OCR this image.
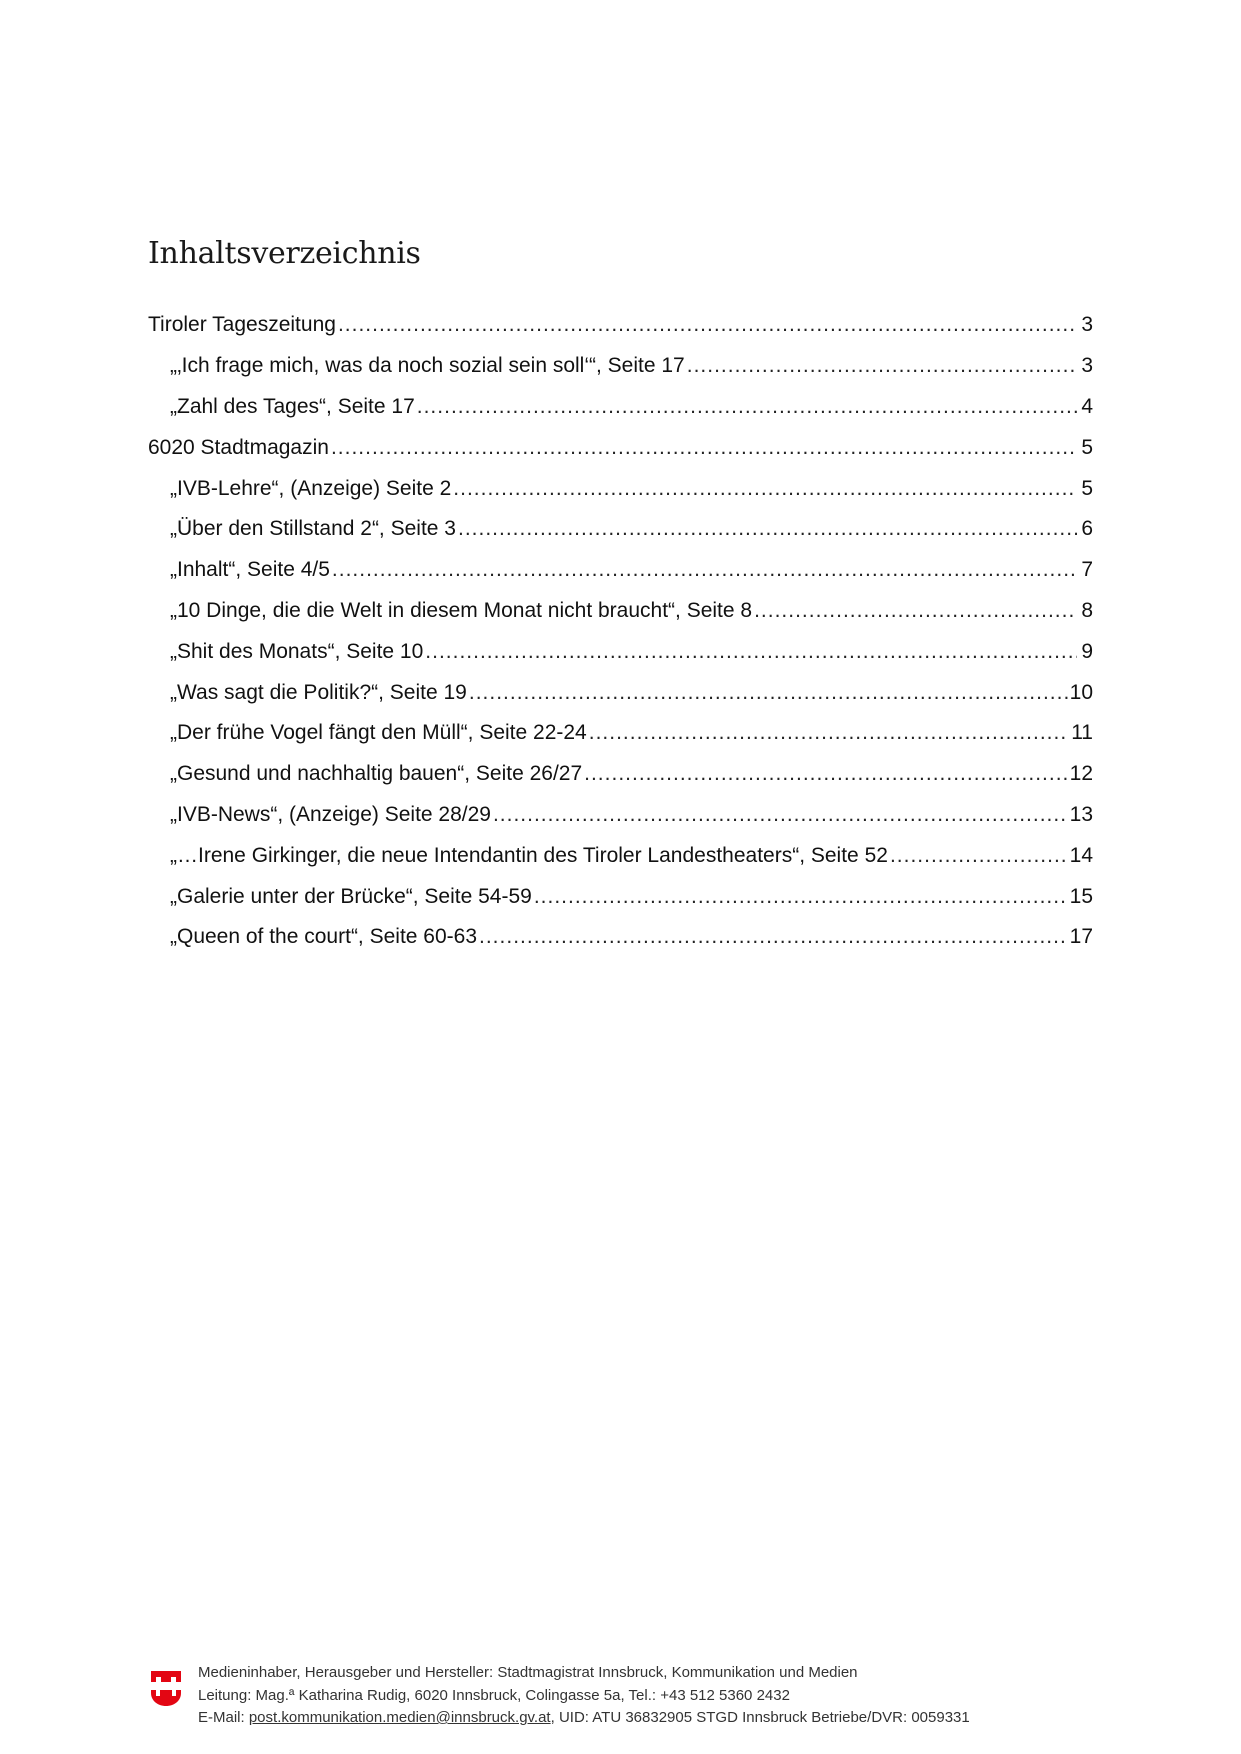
Inhaltsverzeichnis
Tiroler Tageszeitung .....	3
„‚Ich frage mich, was da noch sozial sein soll‘“, Seite 17 .....	3
„Zahl des Tages“, Seite 17 .....	4
6020 Stadtmagazin .....	5
„IVB-Lehre“, (Anzeige) Seite 2 .....	5
„Über den Stillstand 2“, Seite 3 .....	6
„Inhalt“, Seite 4/5 .....	7
„10 Dinge, die die Welt in diesem Monat nicht braucht“, Seite 8 .....	8
„Shit des Monats“, Seite 10 .....	9
„Was sagt die Politik?“, Seite 19 .....	10
„Der frühe Vogel fängt den Müll“, Seite 22-24 .....	11
„Gesund und nachhaltig bauen“, Seite 26/27 .....	12
„IVB-News“, (Anzeige) Seite 28/29 .....	13
„…Irene Girkinger, die neue Intendantin des Tiroler Landestheaters“, Seite 52 .....	14
„Galerie unter der Brücke“, Seite 54-59 .....	15
„Queen of the court“, Seite 60-63 .....	17
Medieninhaber, Herausgeber und Hersteller: Stadtmagistrat Innsbruck, Kommunikation und Medien
Leitung: Mag.ª Katharina Rudig, 6020 Innsbruck, Colingasse 5a, Tel.: +43 512 5360 2432
E-Mail: post.kommunikation.medien@innsbruck.gv.at, UID: ATU 36832905 STGD Innsbruck Betriebe/DVR: 0059331
